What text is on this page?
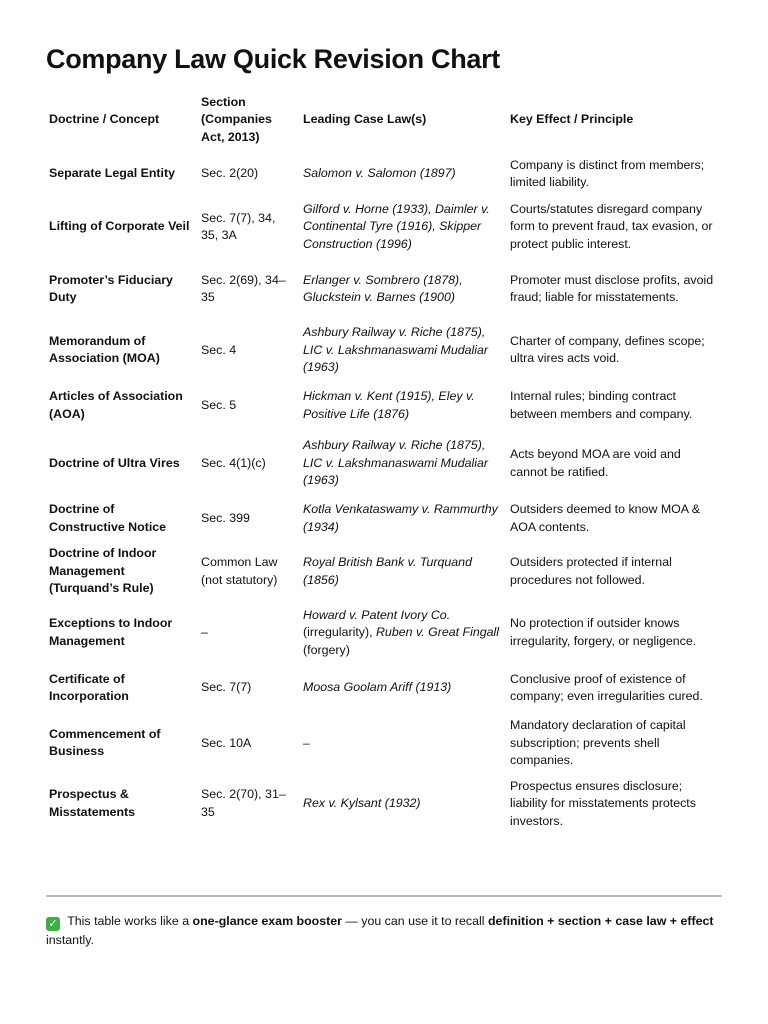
Company Law Quick Revision Chart
Doctrine / Concept	Section (Companies Act, 2013)	Leading Case Law(s)	Key Effect / Principle
Separate Legal Entity	Sec. 2(20)	Salomon v. Salomon (1897)	Company is distinct from members; limited liability.
Lifting of Corporate Veil	Sec. 7(7), 34, 35, 3A	Gilford v. Horne (1933), Daimler v. Continental Tyre (1916), Skipper Construction (1996)	Courts/statutes disregard company form to prevent fraud, tax evasion, or protect public interest.
Promoter’s Fiduciary Duty	Sec. 2(69), 34–35	Erlanger v. Sombrero (1878), Gluckstein v. Barnes (1900)	Promoter must disclose profits, avoid fraud; liable for misstatements.
Memorandum of Association (MOA)	Sec. 4	Ashbury Railway v. Riche (1875), LIC v. Lakshmanaswami Mudaliar (1963)	Charter of company, defines scope; ultra vires acts void.
Articles of Association (AOA)	Sec. 5	Hickman v. Kent (1915), Eley v. Positive Life (1876)	Internal rules; binding contract between members and company.
Doctrine of Ultra Vires	Sec. 4(1)(c)	Ashbury Railway v. Riche (1875), LIC v. Lakshmanaswami Mudaliar (1963)	Acts beyond MOA are void and cannot be ratified.
Doctrine of Constructive Notice	Sec. 399	Kotla Venkataswamy v. Rammurthy (1934)	Outsiders deemed to know MOA & AOA contents.
Doctrine of Indoor Management (Turquand’s Rule)	Common Law (not statutory)	Royal British Bank v. Turquand (1856)	Outsiders protected if internal procedures not followed.
Exceptions to Indoor Management	–	Howard v. Patent Ivory Co. (irregularity), Ruben v. Great Fingall (forgery)	No protection if outsider knows irregularity, forgery, or negligence.
Certificate of Incorporation	Sec. 7(7)	Moosa Goolam Ariff (1913)	Conclusive proof of existence of company; even irregularities cured.
Commencement of Business	Sec. 10A	–	Mandatory declaration of capital subscription; prevents shell companies.
Prospectus & Misstatements	Sec. 2(70), 31–35	Rex v. Kylsant (1932)	Prospectus ensures disclosure; liability for misstatements protects investors.
✓ This table works like a one-glance exam booster — you can use it to recall definition + section + case law + effect instantly.
